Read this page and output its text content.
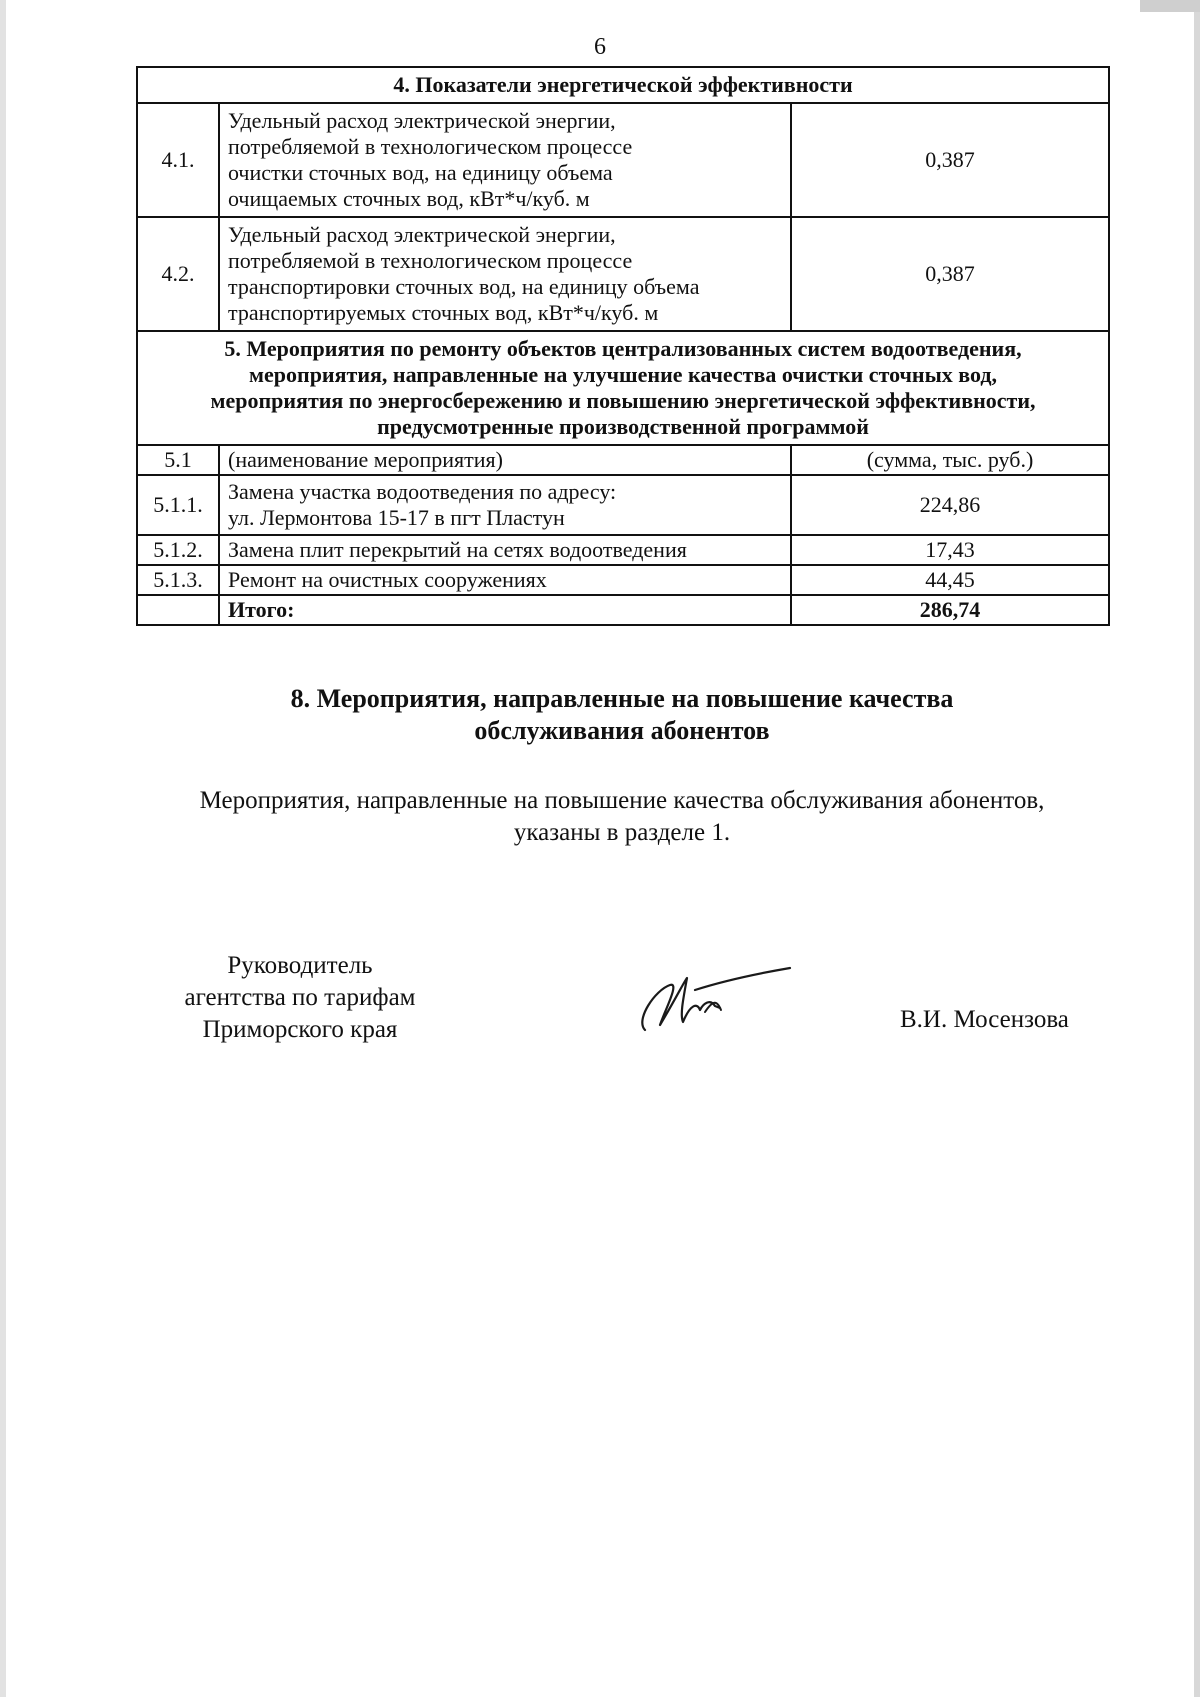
6
4. Показатели энергетической эффективности		
4.1.	Удельный расход электрической энергии,
потребляемой в технологическом процессе
очистки сточных вод, на единицу объема
очищаемых сточных вод, кВт*ч/куб. м	0,387
4.2.	Удельный расход электрической энергии,
потребляемой в технологическом процессе
транспортировки сточных вод, на единицу объема
транспортируемых сточных вод, кВт*ч/куб. м	0,387

5. Мероприятия по ремонту объектов централизованных систем водоотведения,
мероприятия, направленные на улучшение качества очистки сточных вод,
мероприятия по энергосбережению и повышению энергетической эффективности,
предусмотренные производственной программой		

5.1	(наименование мероприятия)	(сумма, тыс. руб.)
5.1.1.	Замена участка водоотведения по адресу:
ул. Лермонтова 15-17 в пгт Пластун	224,86
5.1.2.	Замена плит перекрытий на сетях водоотведения	17,43
5.1.3.	Ремонт на очистных сооружениях	44,45
	Итого:	286,74
8. Мероприятия, направленные на повышение качества
обслуживания абонентов
Мероприятия, направленные на повышение качества обслуживания абонентов,
указаны в разделе 1.
Руководитель
агентства по тарифам
Приморского края	В.И. Мосензова
